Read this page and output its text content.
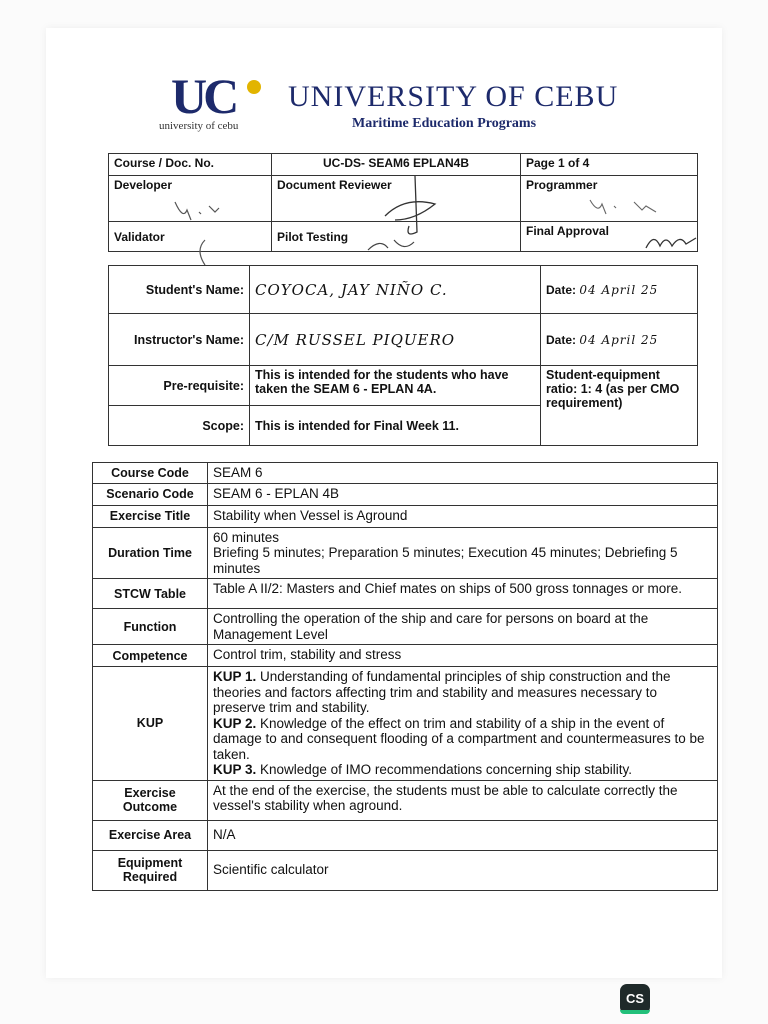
UC
university of cebu
UNIVERSITY OF CEBU
Maritime Education Programs
Course / Doc. No.	UC-DS- SEAM6 EPLAN4B	Page 1 of 4
Developer	Document Reviewer	Programmer
Validator	Pilot Testing	Final Approval
Student's Name:	COYOCA, JAY NIÑO C.	Date: 04 April 25
Instructor's Name:	C/M RUSSEL PIQUERO	Date: 04 April 25
Pre-requisite:	This is intended for the students who have taken the SEAM 6 - EPLAN 4A.	Student-equipment ratio: 1: 4 (as per CMO requirement)
Scope:	This is intended for Final Week 11.	
Course Code	SEAM 6
Scenario Code	SEAM 6 - EPLAN 4B
Exercise Title	Stability when Vessel is Aground
Duration Time	60 minutes
Briefing 5 minutes; Preparation 5 minutes; Execution 45 minutes; Debriefing 5 minutes
STCW Table	Table A II/2: Masters and Chief mates on ships of 500 gross tonnages or more.
Function	Controlling the operation of the ship and care for persons on board at the Management Level
Competence	Control trim, stability and stress
KUP	KUP 1. Understanding of fundamental principles of ship construction and the theories and factors affecting trim and stability and measures necessary to preserve trim and stability.
KUP 2. Knowledge of the effect on trim and stability of a ship in the event of damage to and consequent flooding of a compartment and countermeasures to be taken.
KUP 3. Knowledge of IMO recommendations concerning ship stability.

Exercise Outcome	At the end of the exercise, the students must be able to calculate correctly the vessel's stability when aground.
Exercise Area	N/A
Equipment Required	Scientific calculator
CS
